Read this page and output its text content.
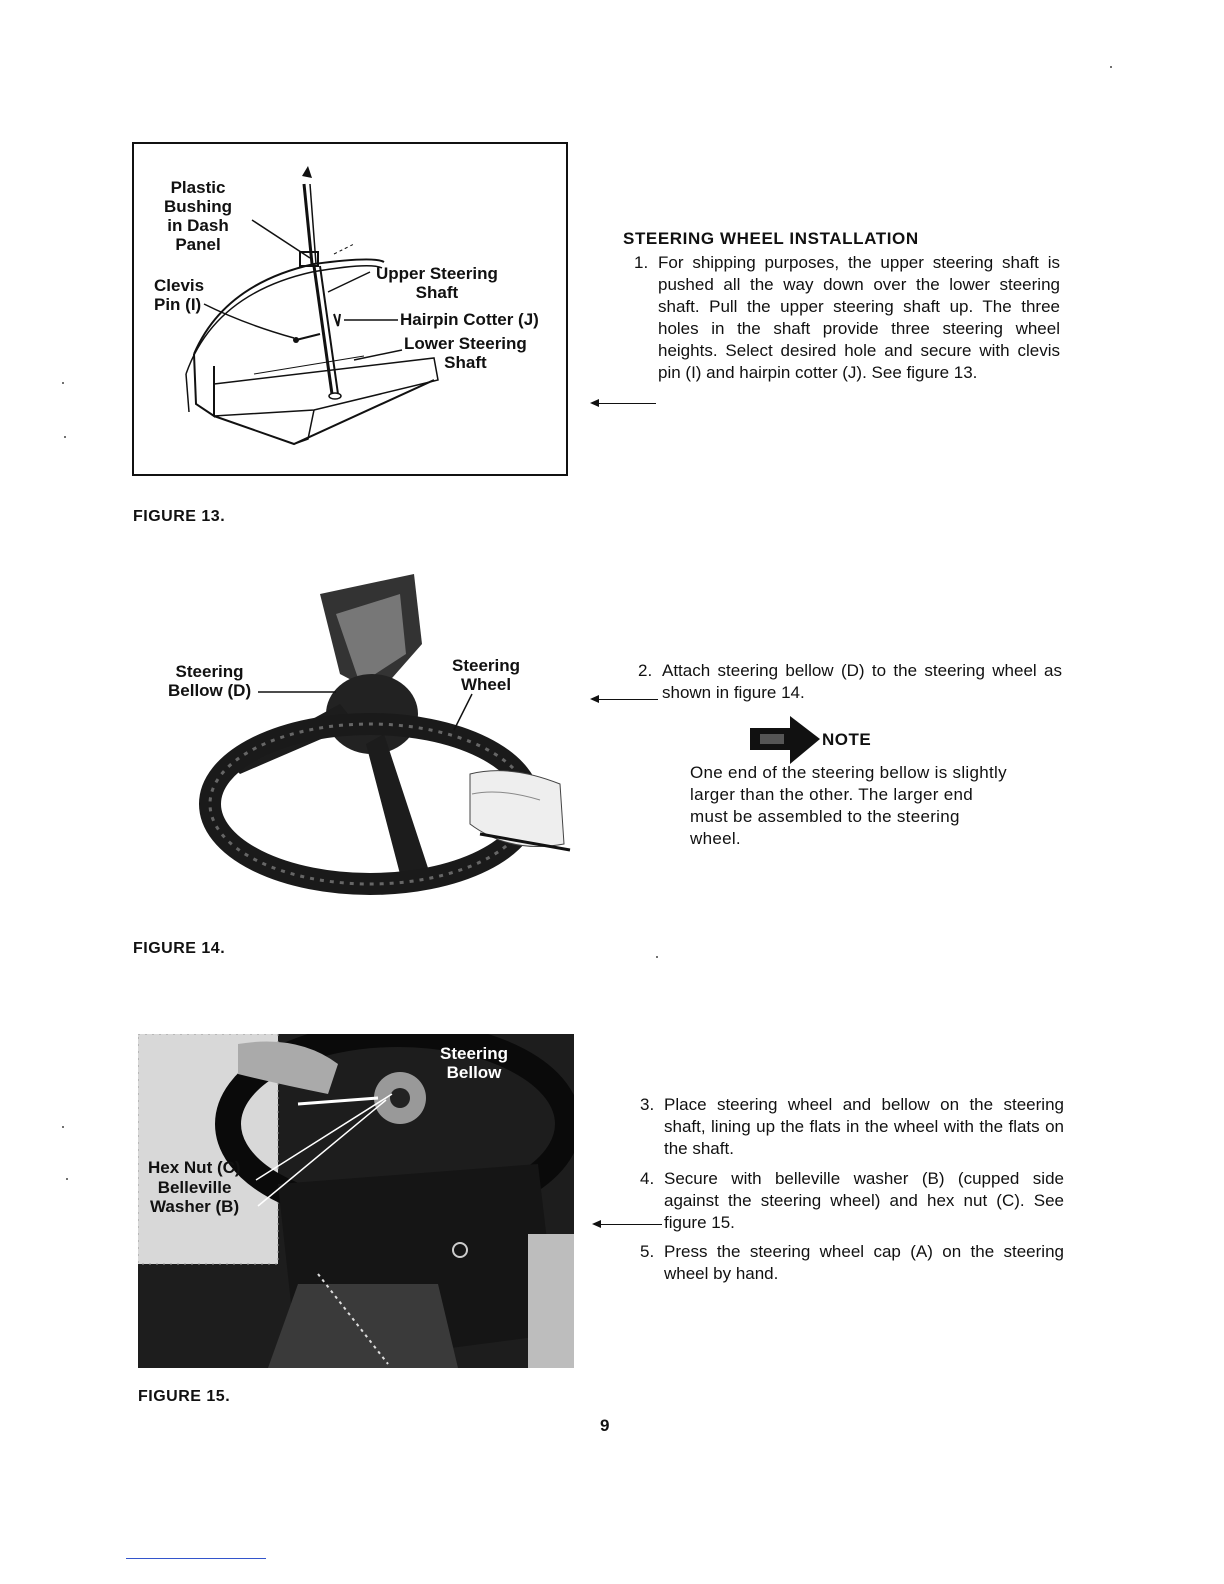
Plastic
Bushing
in Dash
Panel
Clevis
Pin (I)
Upper Steering
Shaft
Hairpin Cotter (J)
Lower Steering
Shaft
FIGURE 13.
Steering
Bellow (D)
Steering
Wheel
FIGURE 14.
Steering
Bellow
Hex Nut (C)
Belleville
Washer (B)
FIGURE 15.
STEERING WHEEL INSTALLATION
1. For shipping purposes, the upper steering shaft is pushed all the way down over the lower steering shaft. Pull the upper steering shaft up. The three holes in the shaft provide three steering wheel heights. Select desired hole and secure with clevis pin (I) and hairpin cotter (J). See figure 13.
2. Attach steering bellow (D) to the steering wheel as shown in figure 14.
NOTE
One end of the steering bellow is slightly larger than the other. The larger end must be assembled to the steering wheel.
3. Place steering wheel and bellow on the steering shaft, lining up the flats in the wheel with the flats on the shaft.
4. Secure with belleville washer (B) (cupped side against the steering wheel) and hex nut (C). See figure 15.
5. Press the steering wheel cap (A) on the steering wheel by hand.
9
